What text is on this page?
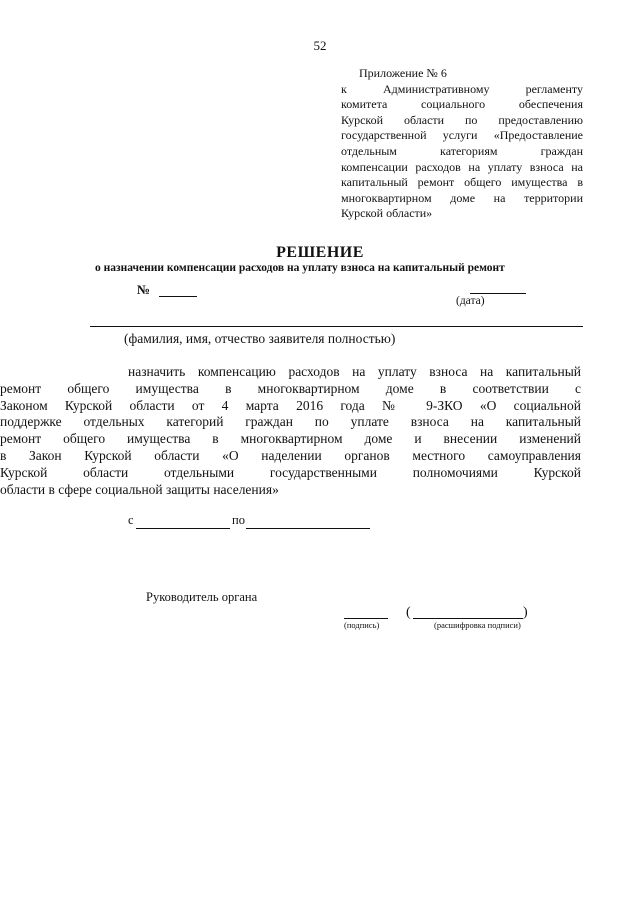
52
Приложение № 6
к Административному регламенту
комитета социального обеспечения
Курской области по предоставлению
государственной услуги «Предоставление
отдельным категориям граждан
компенсации расходов на уплату взноса на
капитальный ремонт общего имущества в
многоквартирном доме на территории
Курской области»
РЕШЕНИЕ
о назначении компенсации расходов на уплату взноса на капитальный ремонт
№
(дата)
(фамилия, имя, отчество заявителя полностью)
назначить компенсацию расходов на уплату взноса на капитальный
ремонт общего имущества в многоквартирном доме в соответствии с
Законом Курской области от 4 марта 2016 года № 9-ЗКО «О социальной
поддержке отдельных категорий граждан по уплате взноса на капитальный
ремонт общего имущества в многоквартирном доме и внесении изменений
в Закон Курской области «О наделении органов местного самоуправления
Курской области отдельными государственными полномочиями Курской
области в сфере социальной защиты населения»
с	по
Руководитель органа
(подпись)
(	)
(расшифровка подписи)
